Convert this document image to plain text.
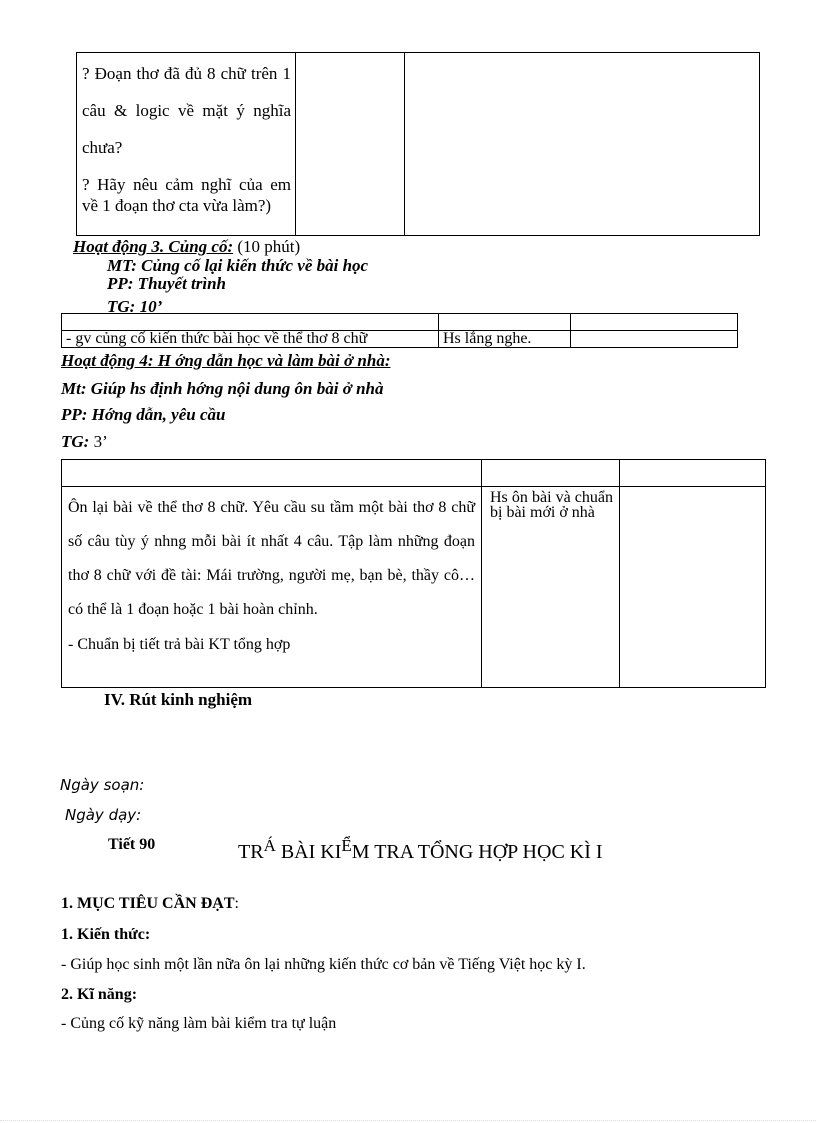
? Đoạn thơ đã đủ 8 chữ trên 1 câu & logic về mặt ý nghĩa chưa?

? Hãy nêu cảm nghĩ của em về 1 đoạn thơ cta vừa làm?)

Hoạt động 3. Củng cố: (10 phút)
MT: Củng cố lại kiến thức về bài học
PP: Thuyết trình
TG: 10’

- gv củng cố kiến thức bài học về thể thơ 8 chữ	Hs lắng nghe.	
Hoạt động 4: H ớng dẫn học và làm bài ở nhà:
Mt: Giúp hs định hớng nội dung ôn bài ở nhà
PP: Hớng dẫn, yêu cầu
TG: 3’

Ôn lại bài về thể thơ 8 chữ. Yêu cầu su tầm một bài thơ 8 chữ số câu tùy ý nhng mỗi bài ít nhất 4 câu. Tập làm những đoạn thơ 8 chữ với đề tài: Mái trường, người mẹ, bạn bè, thầy cô… có thể là 1 đoạn hoặc 1 bài hoàn chỉnh.

- Chuẩn bị tiết trả bài KT tổng hợp	Hs ôn bài và chuẩn bị bài mới ở nhà	
IV. Rút kinh nghiệm
Ngày soạn:
Ngày dạy:
Tiết 90	$TR^Á$ BÀI $KI^ỂM$ TRA TỔNG HỢP HỌC KÌ I
1. MỤC TIÊU CẦN ĐẠT:
1. Kiến thức:
- Giúp học sinh một lần nữa ôn lại những kiến thức cơ bản về Tiếng Việt học kỳ I.
2. Kĩ năng:
- Củng cố kỹ năng làm bài kiểm tra tự luận
